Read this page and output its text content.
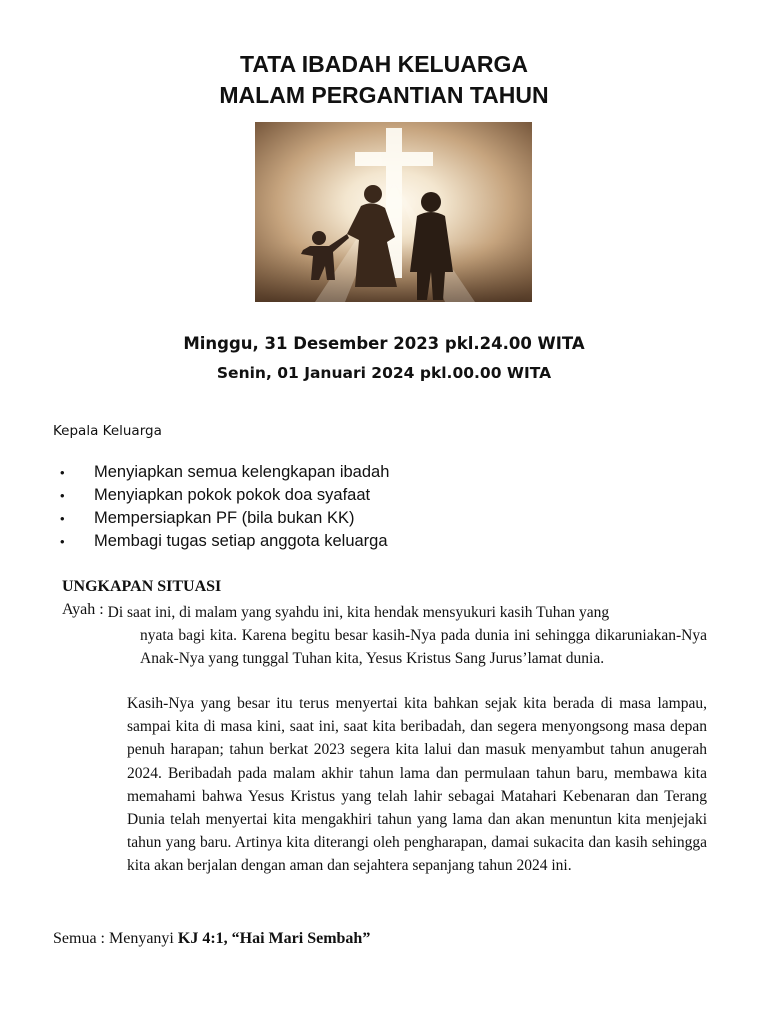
TATA IBADAH KELUARGA
MALAM PERGANTIAN TAHUN
Minggu, 31 Desember 2023 pkl.24.00 WITA
Senin, 01 Januari 2024 pkl.00.00 WITA
Kepala Keluarga
• Menyiapkan semua kelengkapan ibadah
• Menyiapkan pokok pokok doa syafaat
• Mempersiapkan PF (bila bukan KK)
• Membagi tugas setiap anggota keluarga
UNGKAPAN SITUASI
Ayah : Di saat ini, di malam yang syahdu ini, kita hendak mensyukuri kasih Tuhan yang
nyata bagi kita. Karena begitu besar kasih-Nya pada dunia ini sehingga dikaruniakan-Nya Anak-Nya yang tunggal Tuhan kita, Yesus Kristus Sang Jurus’lamat dunia.

Kasih-Nya yang besar itu terus menyertai kita bahkan sejak kita berada di masa lampau, sampai kita di masa kini, saat ini, saat kita beribadah, dan segera menyongsong masa depan penuh harapan; tahun berkat 2023 segera kita lalui dan masuk menyambut tahun anugerah 2024. Beribadah pada malam akhir tahun lama dan permulaan tahun baru, membawa kita memahami bahwa Yesus Kristus yang telah lahir sebagai Matahari Kebenaran dan Terang Dunia telah menyertai kita mengakhiri tahun yang lama dan akan menuntun kita menjejaki tahun yang baru. Artinya kita diterangi oleh pengharapan, damai sukacita dan kasih sehingga kita akan berjalan dengan aman dan sejahtera sepanjang tahun 2024 ini.

Semua : Menyanyi KJ 4:1, “Hai Mari Sembah”
